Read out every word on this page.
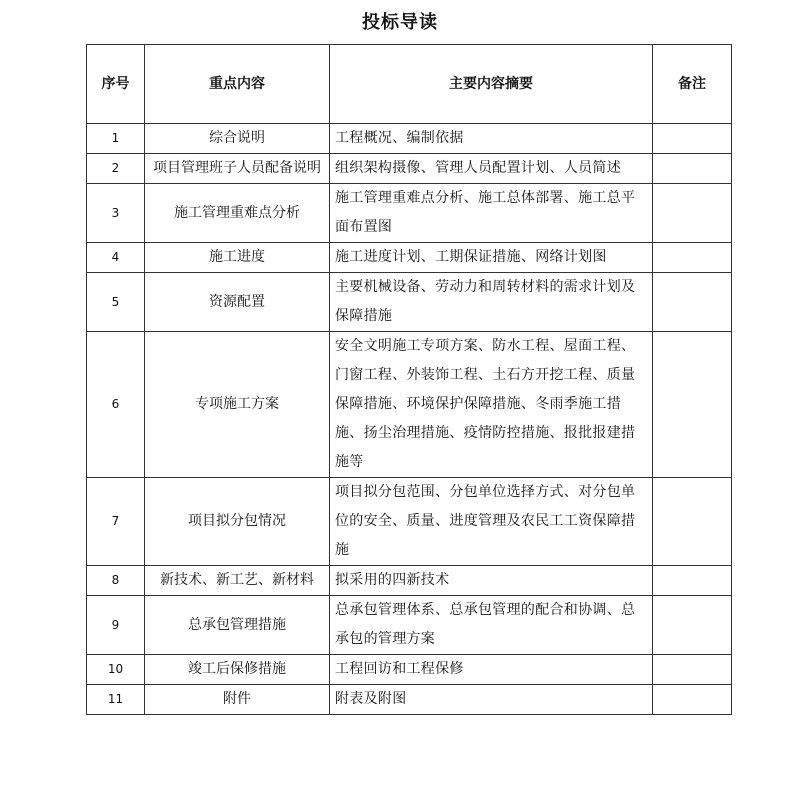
投标导读
序号	重点内容	主要内容摘要	备注
1	综合说明	工程概况、编制依据	
2	项目管理班子人员配备说明	组织架构摄像、管理人员配置计划、人员简述	
3	施工管理重难点分析	施工管理重难点分析、施工总体部署、施工总平面布置图	
4	施工进度	施工进度计划、工期保证措施、网络计划图	
5	资源配置	主要机械设备、劳动力和周转材料的需求计划及保障措施	
6	专项施工方案	安全文明施工专项方案、防水工程、屋面工程、门窗工程、外装饰工程、土石方开挖工程、质量保障措施、环境保护保障措施、冬雨季施工措施、扬尘治理措施、疫情防控措施、报批报建措施等	
7	项目拟分包情况	项目拟分包范围、分包单位选择方式、对分包单位的安全、质量、进度管理及农民工工资保障措施	
8	新技术、新工艺、新材料	拟采用的四新技术	
9	总承包管理措施	总承包管理体系、总承包管理的配合和协调、总承包的管理方案	
10	竣工后保修措施	工程回访和工程保修	
11	附件	附表及附图	
